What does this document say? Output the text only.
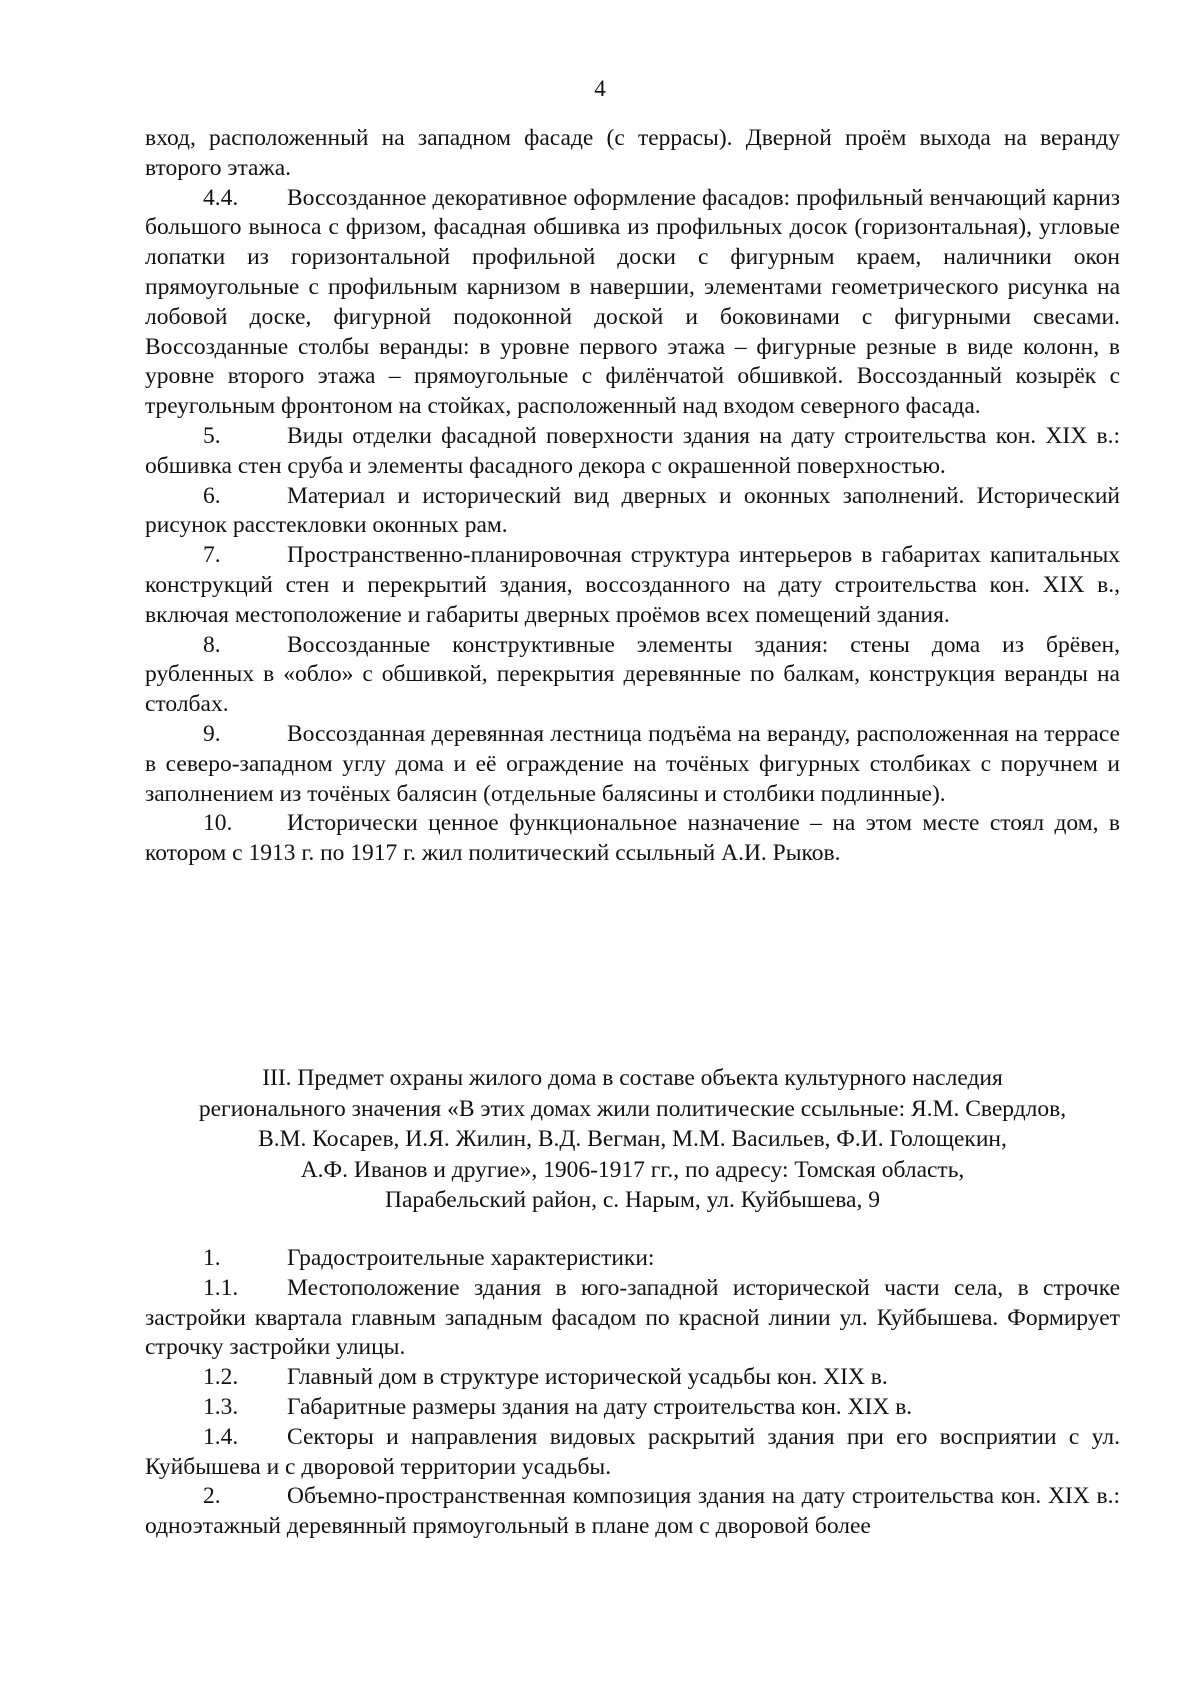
4

вход, расположенный на западном фасаде (с террасы). Дверной проём выхода на веранду второго этажа.

4.4. Воссозданное декоративное оформление фасадов: профильный венчающий карниз большого выноса с фризом, фасадная обшивка из профильных досок (горизонтальная), угловые лопатки из горизонтальной профильной доски с фигурным краем, наличники окон прямоугольные с профильным карнизом в навершии, элементами геометрического рисунка на лобовой доске, фигурной подоконной доской и боковинами с фигурными свесами. Воссозданные столбы веранды: в уровне первого этажа – фигурные резные в виде колонн, в уровне второго этажа – прямоугольные с филёнчатой обшивкой. Воссозданный козырёк с треугольным фронтоном на стойках, расположенный над входом северного фасада.

5.	Виды отделки фасадной поверхности здания на дату строительства кон. XIX в.: обшивка стен сруба и элементы фасадного декора с окрашенной поверхностью.

6.	Материал и исторический вид дверных и оконных заполнений. Исторический рисунок расстекловки оконных рам.

7.	Пространственно-планировочная структура интерьеров в габаритах капитальных конструкций стен и перекрытий здания, воссозданного на дату строительства кон. XIX в., включая местоположение и габариты дверных проёмов всех помещений здания.

8.	Воссозданные конструктивные элементы здания: стены дома из брёвен, рубленных в «обло» с обшивкой, перекрытия деревянные по балкам, конструкция веранды на столбах.

9.	Воссозданная деревянная лестница подъёма на веранду, расположенная на террасе в северо-западном углу дома и её ограждение на точёных фигурных столбиках с поручнем и заполнением из точёных балясин (отдельные балясины и столбики подлинные).

10. Исторически ценное функциональное назначение – на этом месте стоял дом, в котором с 1913 г. по 1917 г. жил политический ссыльный А.И. Рыков.

III. Предмет охраны жилого дома в составе объекта культурного наследия
регионального значения «В этих домах жили политические ссыльные: Я.М. Свердлов,
В.М. Косарев, И.Я. Жилин, В.Д. Вегман, М.М. Васильев, Ф.И. Голощекин,
А.Ф. Иванов и другие», 1906-1917 гг., по адресу: Томская область,
Парабельский район, с. Нарым, ул. Куйбышева, 9

1.	Градостроительные характеристики:

1.1. Местоположение здания в юго-западной исторической части села, в строчке застройки квартала главным западным фасадом по красной линии ул. Куйбышева. Формирует строчку застройки улицы.

1.2. Главный дом в структуре исторической усадьбы кон. XIX в.

1.3. Габаритные размеры здания на дату строительства кон. XIX в.

1.4. Секторы и направления видовых раскрытий здания при его восприятии с ул. Куйбышева и с дворовой территории усадьбы.

2.	Объемно-пространственная композиция здания на дату строительства кон. XIX в.: одноэтажный деревянный прямоугольный в плане дом с дворовой более
